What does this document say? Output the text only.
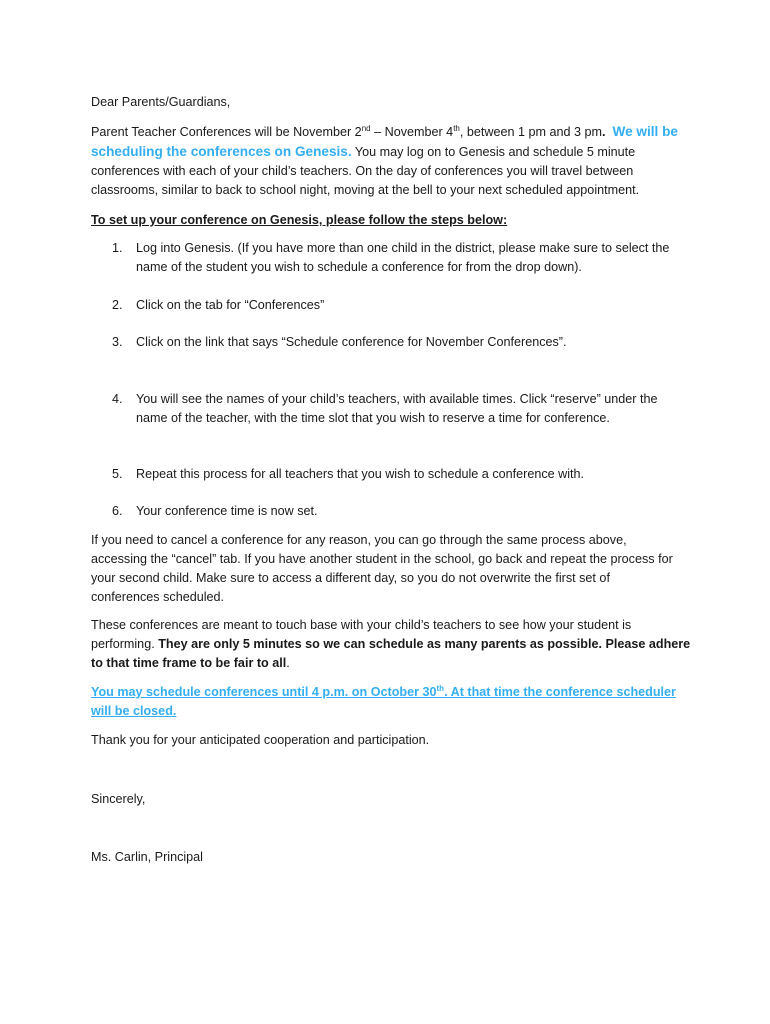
Dear Parents/Guardians,

Parent Teacher Conferences will be November 2nd – November 4th, between 1 pm and 3 pm. We will be scheduling the conferences on Genesis. You may log on to Genesis and schedule 5 minute conferences with each of your child’s teachers. On the day of conferences you will travel between classrooms, similar to back to school night, moving at the bell to your next scheduled appointment.

To set up your conference on Genesis, please follow the steps below:

1.	Log into Genesis. (If you have more than one child in the district, please make sure to select the name of the student you wish to schedule a conference for from the drop down).
2.	Click on the tab for “Conferences”
3.	Click on the link that says “Schedule conference for November Conferences”.
4.	You will see the names of your child’s teachers, with available times. Click “reserve” under the name of the teacher, with the time slot that you wish to reserve a time for conference.
5.	Repeat this process for all teachers that you wish to schedule a conference with.
6.	Your conference time is now set.

If you need to cancel a conference for any reason, you can go through the same process above, accessing the “cancel” tab. If you have another student in the school, go back and repeat the process for your second child. Make sure to access a different day, so you do not overwrite the first set of conferences scheduled.

These conferences are meant to touch base with your child’s teachers to see how your student is performing. They are only 5 minutes so we can schedule as many parents as possible. Please adhere to that time frame to be fair to all.

You may schedule conferences until 4 p.m. on October 30th. At that time the conference scheduler will be closed.

Thank you for your anticipated cooperation and participation.

Sincerely,

Ms. Carlin, Principal
